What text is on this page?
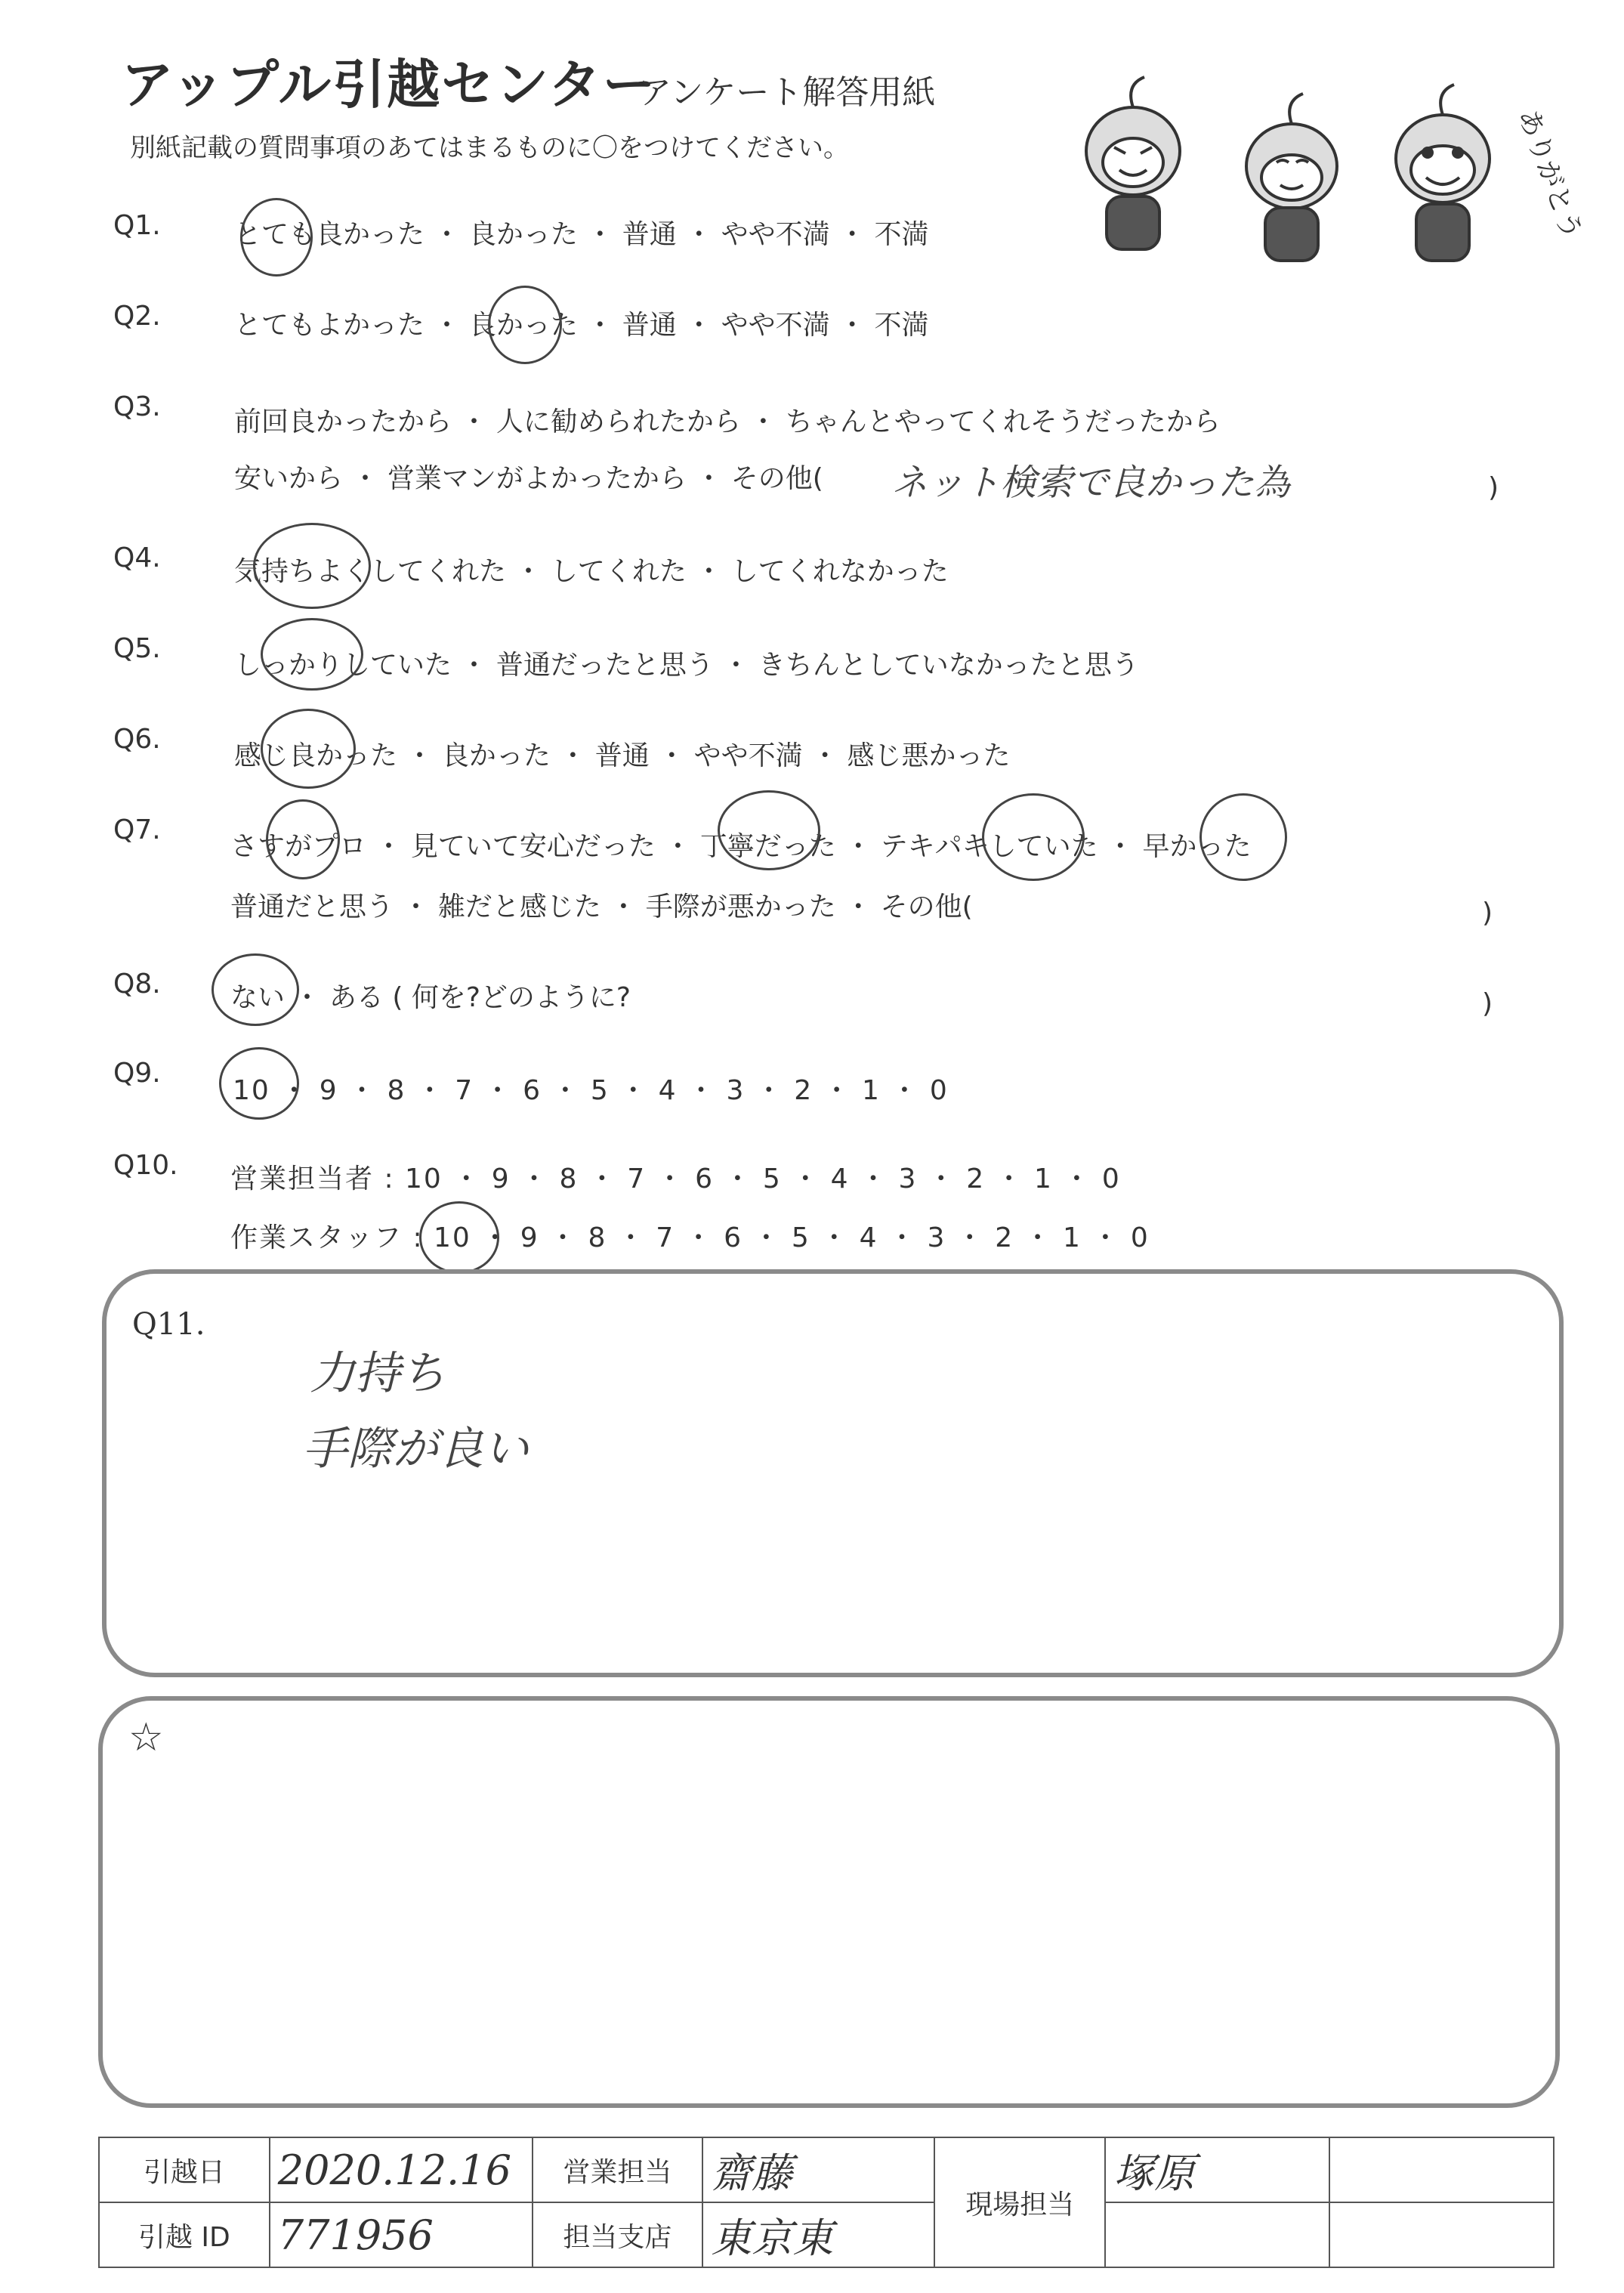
アップル引越センター
アンケート解答用紙
別紙記載の質問事項のあてはまるものに〇をつけてください。	ありがとう
Q1.	とても良かった ・ 良かった ・ 普通 ・ やや不満 ・ 不満
Q2.	とてもよかった ・ 良かった ・ 普通 ・ やや不満 ・ 不満
Q3.	前回良かったから ・ 人に勧められたから ・ ちゃんとやってくれそうだったから
安いから ・ 営業マンがよかったから ・ その他( ネット検索で良かった為	)
Q4.	気持ちよくしてくれた ・ してくれた ・ してくれなかった
Q5.
しっかりしていた ・ 普通だったと思う ・ きちんとしていなかったと思う
Q6.
感じ良かった ・ 良かった ・ 普通 ・ やや不満 ・ 感じ悪かった
Q7.
さすがプロ ・ 見ていて安心だった ・ 丁寧だった ・ テキパキしていた ・ 早かった
普通だと思う ・ 雑だと感じた ・ 手際が悪かった ・ その他(	)
Q8.	ない ・ ある ( 何を?どのように?	)
Q9.
10 ・ 9 ・ 8 ・ 7 ・ 6 ・ 5 ・ 4 ・ 3 ・ 2 ・ 1 ・ 0
Q10. 営業担当者 : 10 ・ 9 ・ 8 ・ 7 ・ 6 ・ 5 ・ 4 ・ 3 ・ 2 ・ 1 ・ 0
作業スタッフ : 10 ・ 9 ・ 8 ・ 7 ・ 6 ・ 5 ・ 4 ・ 3 ・ 2 ・ 1 ・ 0
Q11.
力持ち
手際が良い
☆
引越日	2020.12.16	営業担当	齋藤	現場担当	塚原	
引越 ID	771956	担当支店	東京東			
